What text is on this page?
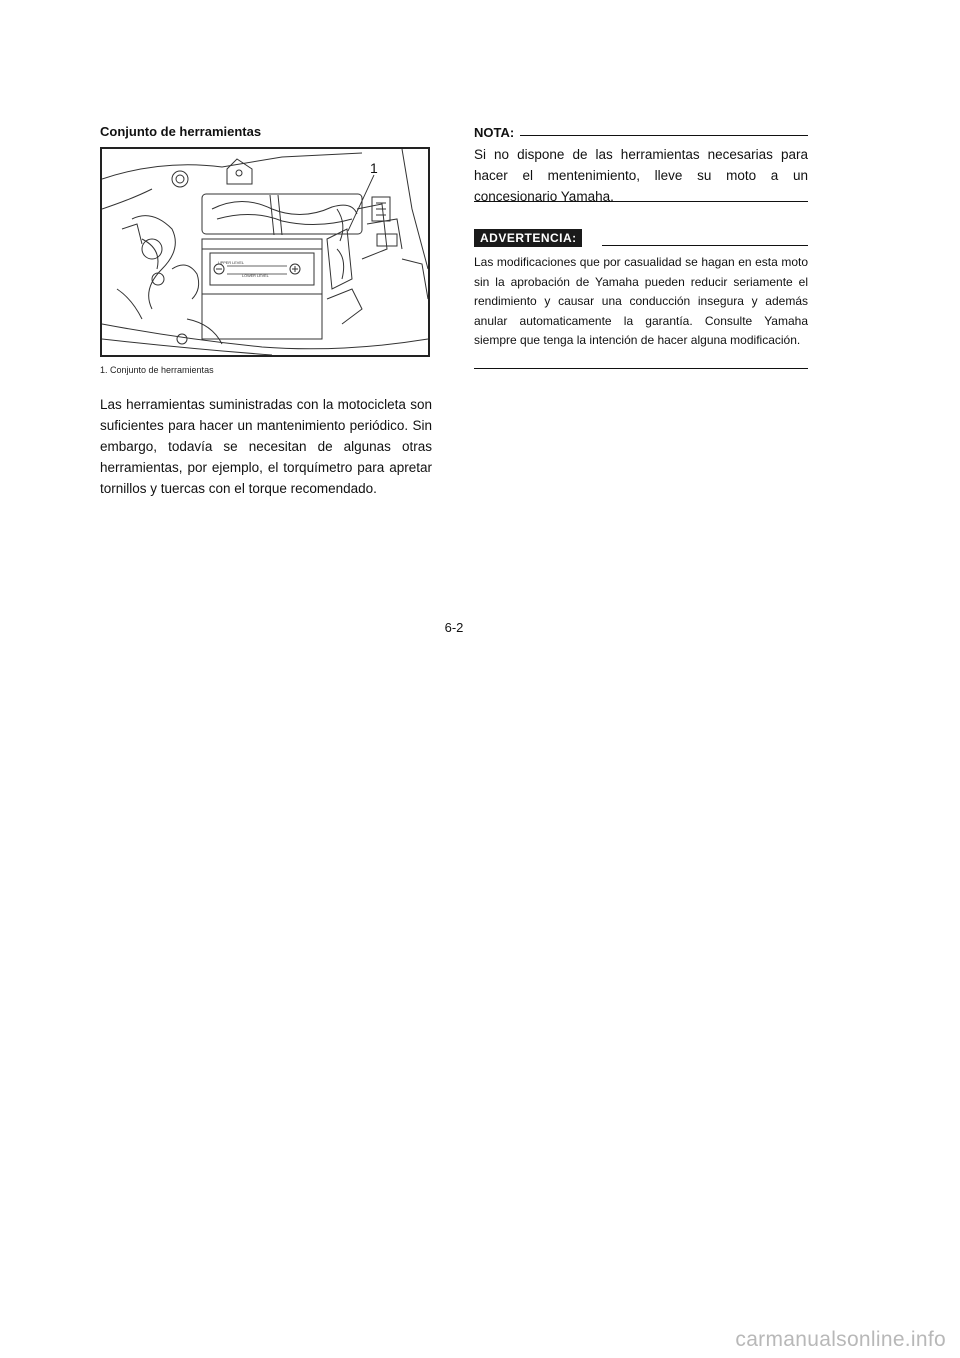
Conjunto de herramientas
UPPER LEVEL
LOWER LEVEL
1
1. Conjunto de herramientas

Las herramientas suministradas con la motocicleta son suficientes para hacer un mantenimiento periódico. Sin embargo, todavía se necesitan de algunas otras herramientas, por ejemplo, el torquímetro para apretar tornillos y tuercas con el torque recomendado.

NOTA:

Si no dispone de las herramientas necesarias para hacer el mentenimiento, lleve su moto a un concesionario Yamaha.

ADVERTENCIA:

Las modificaciones que por casualidad se hagan en esta moto sin la aprobación de Yamaha pueden reducir seriamente el rendimiento y causar una conducción insegura y además anular automaticamente la garantía. Consulte Yamaha siempre que tenga la intención de hacer alguna modificación.

6-2
carmanualsonline.info
